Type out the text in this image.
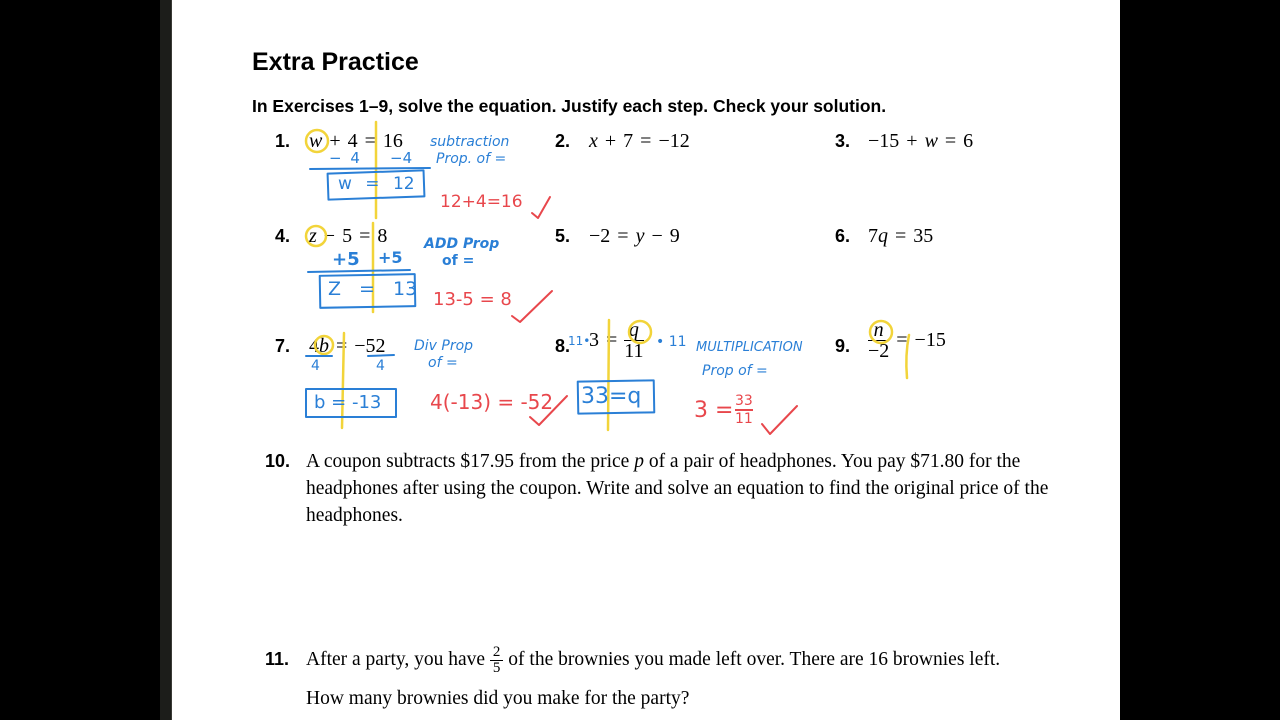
Extra Practice
In Exercises 1–9, solve the equation. Justify each step. Check your solution.
1. w + 4 = 16	2. x + 7 = −12	3. −15 + w = 6
4. z − 5 = 8	5. −2 = y − 9	6. 7q = 35
7. 4b = −52	8. $3 = \frac{q}{11}$	9. $\frac{n}{-2} = -15$
10. A coupon subtracts $17.95 from the price p of a pair of headphones. You pay $71.80 for the headphones after using the coupon. Write and solve an equation to find the original price of the headphones.
11. After a party, you have $\frac{2}{5}$ of the brownies you made left over. There are 16 brownies left.
How many brownies did you make for the party?
− 4 −4
subtraction
Prop. of =
w = 12
+5 +5
ADD Prop
of =
Z = 13
4	4
Div Prop
of =
b = -13
11•	• 11 MULTIPLICATION
Prop of =
33=q
12+4=16
13-5 = 8
4(-13) = -52	$3 = \frac{33}{11}$
